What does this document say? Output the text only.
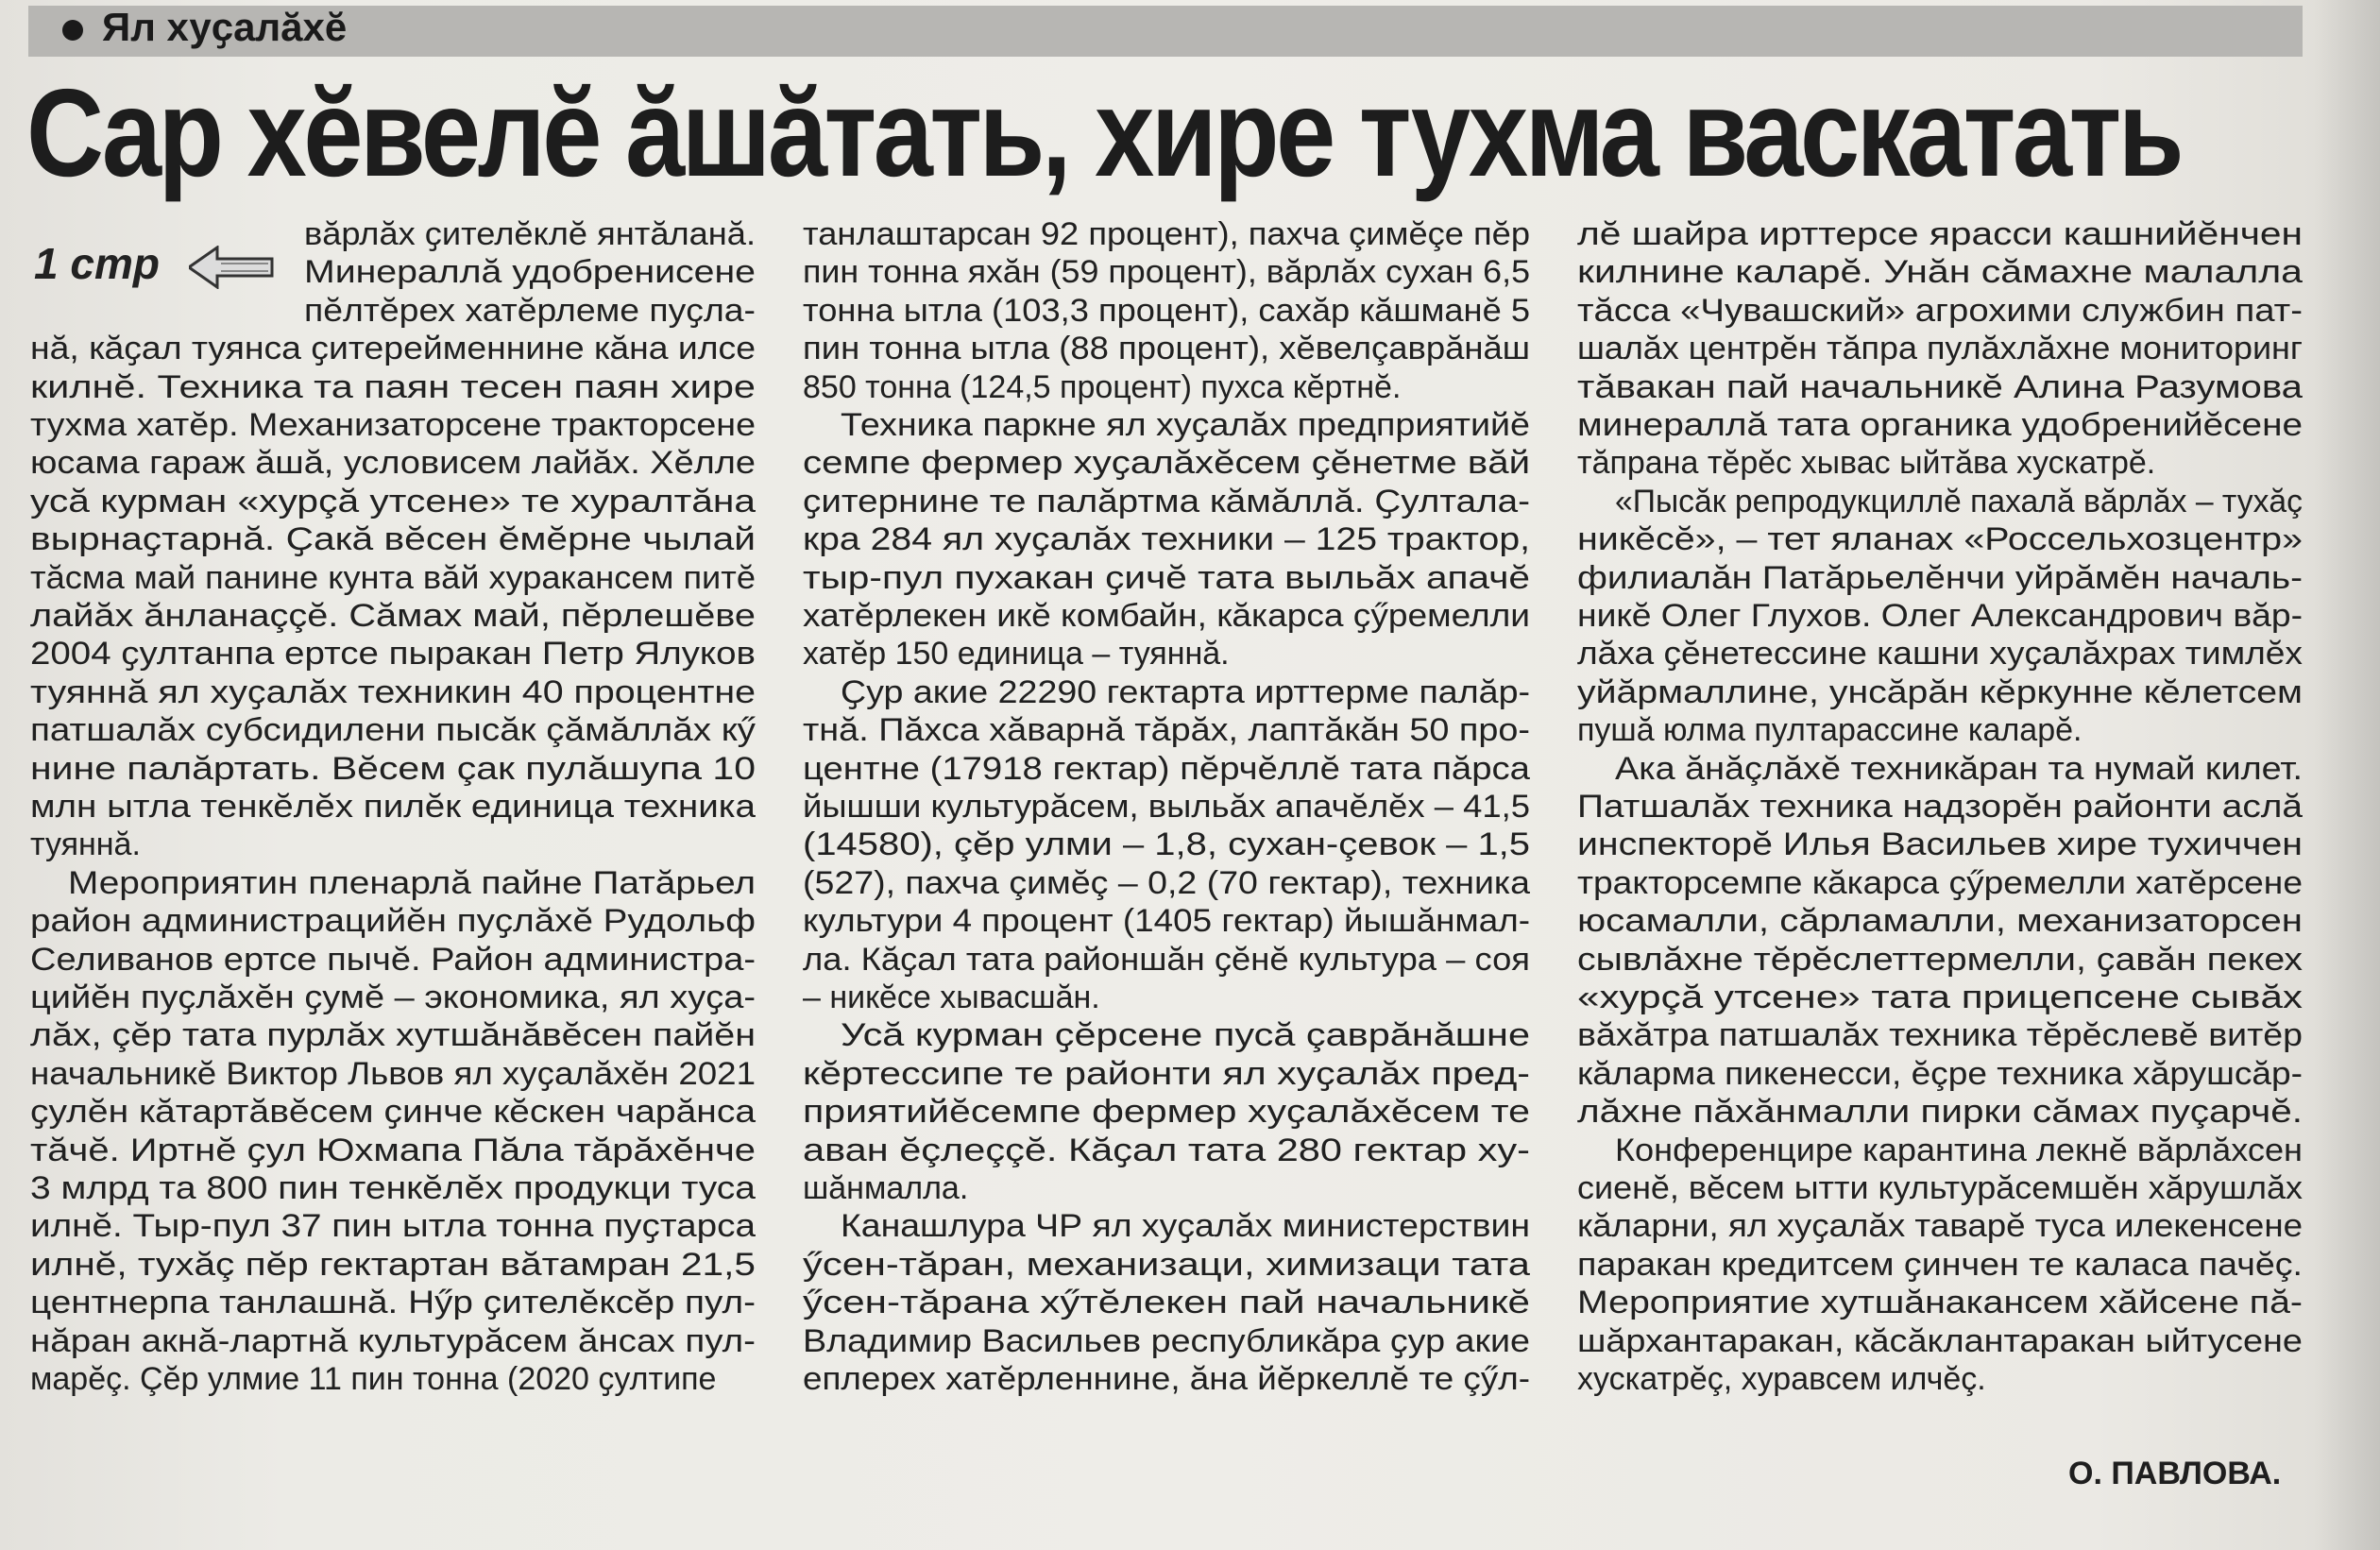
Ял хуҫалăхĕ
Сар хĕвелĕ ăшăтать, хире тухма васкатать
1 стр
вăрлăх ҫителĕклĕ янтăланă.
Минераллă удобренисене
пĕлтĕрех хатĕрлеме пуҫла-
нă, кăҫал туянса ҫитерейменнине кăна илсе
килнĕ. Техника та паян тесен паян хире
тухма хатĕр. Механизаторсене тракторсене
юсама гараж ăшă, условисем лайăх. Хĕлле
усă курман «хурçă утсене» те хуралтăна
вырнаҫтарнă. Ҫакă вĕсен ĕмĕрне чылай
тăсма май панине кунта вăй хуракансем питĕ
лайăх ăнланаççĕ. Сăмах май, пĕрлешĕве
2004 ҫултанпа ертсе пыракан Петр Ялуков
туяннă ял хуҫалăх техникин 40 процентне
патшалăх субсидилени пысăк çăмăллăх кӳ
нине палăртать. Вĕсем çак пулăшупа 10
млн ытла тенкĕлĕх пилĕк единица техника
туяннă.
Мероприятин пленарлă пайне Патăрьел
район администрацийĕн пуҫлăхĕ Рудольф
Селиванов ертсе пычĕ. Район администра-
цийĕн пуҫлăхĕн ҫумĕ – экономика, ял хуҫа-
лăх, çĕр тата пурлăх хутшăнăвĕсен пайĕн
начальникĕ Виктор Львов ял хуҫалăхĕн 2021
ҫулĕн кăтартăвĕсем ҫинче кĕскен чарăнса
тăчĕ. Иртнĕ ҫул Юхмапа Пăла тăрăхĕнче
3 млрд та 800 пин тенкĕлĕх продукци туса
илнĕ. Тыр-пул 37 пин ытла тонна пуҫтарса
илнĕ, тухăç пĕр гектартан вăтамран 21,5
центнерпа танлашнă. Нӳр ҫителĕксĕр пул-
нăран акнă-лартнă культурăсем ăнсах пул-
марĕç. Çĕр улмие 11 пин тонна (2020 ҫултипе
танлаштарсан 92 процент), пахча çимĕçе пĕр
пин тонна яхăн (59 процент), вăрлăх сухан 6,5
тонна ытла (103,3 процент), сахăр кăшманĕ 5
пин тонна ытла (88 процент), хĕвелçаврăнăш
850 тонна (124,5 процент) пухса кĕртнĕ.
Техника паркне ял хуҫалăх предприятийĕ
семпе фермер хуҫалăхĕсем ҫĕнетме вăй
ҫитернине те палăртма кăмăллă. Ҫултала-
кра 284 ял хуҫалăх техники – 125 трактор,
тыр-пул пухакан ҫичĕ тата выльăх апачĕ
хатĕрлекен икĕ комбайн, кăкарса ҫӳремелли
хатĕр 150 единица – туяннă.
Ҫур акие 22290 гектарта ирттерме палăр-
тнă. Пăхса хăварнă тăрăх, лаптăкăн 50 про-
центне (17918 гектар) пĕрчĕллĕ тата пăрса
йышши культурăсем, выльăх апачĕлĕх – 41,5
(14580), çĕр улми – 1,8, сухан-çевок – 1,5
(527), пахча çимĕç – 0,2 (70 гектар), техника
культури 4 процент (1405 гектар) йышăнмал-
ла. Кăҫал тата районшăн ҫĕнĕ культура – соя
– никĕсе хывасшăн.
Усă курман ҫĕрсене пусă çаврăнăшне
кĕртессипе те районти ял хуҫалăх пред-
приятийĕсемпе фермер хуҫалăхĕсем те
аван ĕçлеççĕ. Кăҫал тата 280 гектар ху-
шăнмалла.
Канашлура ЧР ял хуҫалăх министерствин
ӳсен-тăран, механизаци, химизаци тата
ӳсен-тăрана хӳтĕлекен пай начальникĕ
Владимир Васильев республикăра ҫур акие
еплерех хатĕрленнине, ăна йĕркеллĕ те çӳл-
лĕ шайра ирттерсе ярасси кашнийĕнчен
килнине каларĕ. Унăн сăмахне малалла
тăсса «Чувашский» агрохими службин пат-
шалăх центрĕн тăпра пулăхлăхне мониторинг
тăвакан пай начальникĕ Алина Разумова
минераллă тата органика удобренийĕсене
тăпрана тĕрĕс хывас ыйтăва хускатрĕ.
«Пысăк репродукциллĕ пахалă вăрлăх – тухăç
никĕсĕ», – тет яланах «Россельхозцентр»
филиалăн Патăрьелĕнчи уйрăмĕн началь-
никĕ Олег Глухов. Олег Александрович вăр-
лăха ҫĕнетессине кашни хуҫалăхрах тимлĕх
уйăрмаллине, унсăрăн кĕркунне кĕлетсем
пушă юлма пултарассине каларĕ.
Ака ăнăçлăхĕ техникăран та нумай килет.
Патшалăх техника надзорĕн районти аслă
инспекторĕ Илья Васильев хире тухиччен
тракторсемпе кăкарса ҫӳремелли хатĕрсене
юсамалли, сăрламалли, механизаторсен
сывлăхне тĕрĕслеттермелли, ҫавăн пекех
«хурçă утсене» тата прицепсене сывăх
вăхăтра патшалăх техника тĕрĕслевĕ витĕр
кăларма пикенесси, ĕçре техника хăрушсăр-
лăхне пăхăнмалли пирки сăмах пуçарчĕ.
Конференцире карантина лекнĕ вăрлăхсен
сиенĕ, вĕсем ытти культурăсемшĕн хăрушлăх
кăларни, ял хуҫалăх таварĕ туса илекенсене
паракан кредитсем ҫинчен те каласа пачĕç.
Мероприятие хутшăнакансем хăйсене пă-
шăрхантаракан, кăсăклантаракан ыйтусене
хускатрĕç, хуравсем илчĕç.
О. ПАВЛОВА.
